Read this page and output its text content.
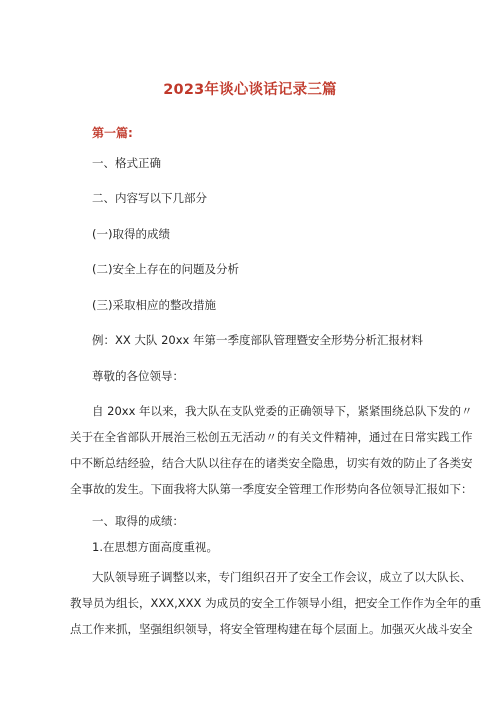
2023年谈心谈话记录三篇
第一篇:
一、格式正确
二、内容写以下几部分
(一)取得的成绩
(二)安全上存在的问题及分析
(三)采取相应的整改措施
例：XX 大队 20xx 年第一季度部队管理暨安全形势分析汇报材料
尊敬的各位领导：
自 20xx 年以来，我大队在支队党委的正确领导下，紧紧围绕总队下发的〃
关于在全省部队开展治三松创五无活动〃的有关文件精神，通过在日常实践工作
中不断总结经验，结合大队以往存在的诸类安全隐患，切实有效的防止了各类安
全事故的发生。下面我将大队第一季度安全管理工作形势向各位领导汇报如下：
一、取得的成绩：
1.在思想方面高度重视。
大队领导班子调整以来，专门组织召开了安全工作会议，成立了以大队长、
教导员为组长，XXX,XXX 为成员的安全工作领导小组，把安全工作作为全年的重
点工作来抓，坚强组织领导，将安全管理构建在每个层面上。加强灭火战斗安全
